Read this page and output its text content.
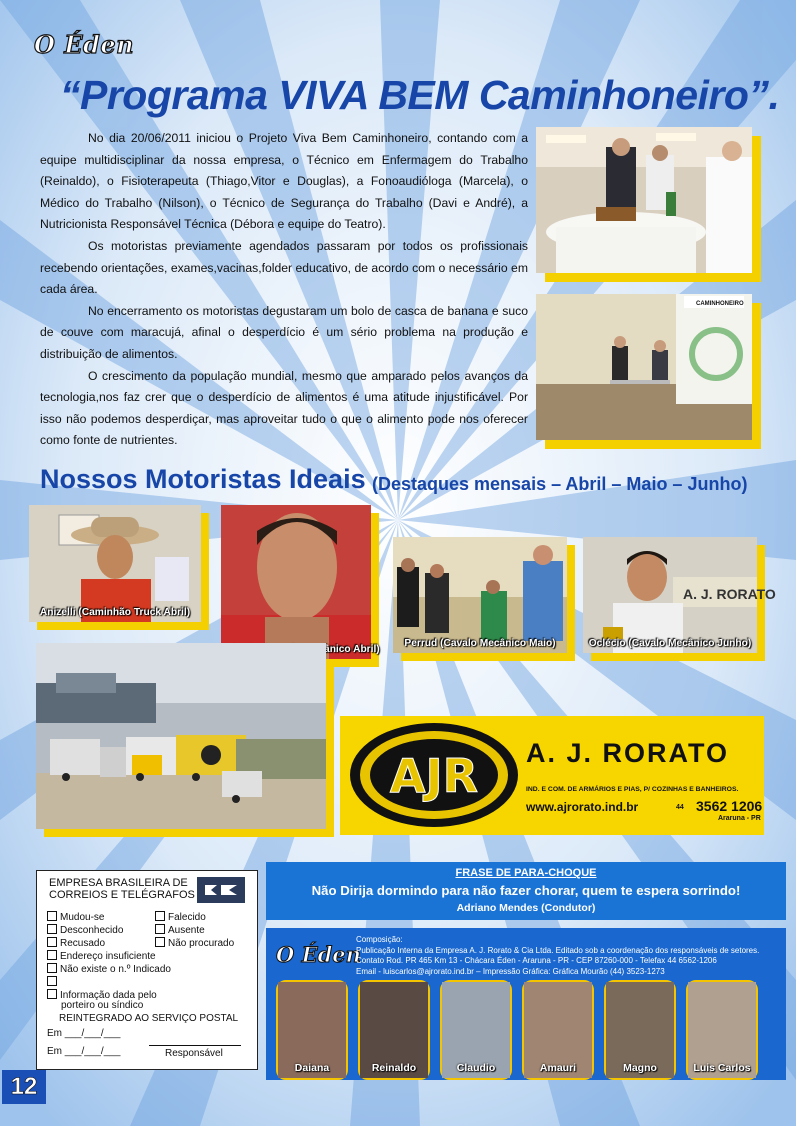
O Éden
“Programa VIVA BEM Caminhoneiro”.

No dia 20/06/2011 iniciou o Projeto Viva Bem Caminhoneiro, contando com a equipe multidisciplinar da nossa empresa, o Técnico em Enfermagem do Trabalho (Reinaldo), o Fisioterapeuta (Thiago,Vitor e Douglas), a Fonoaudióloga (Marcela), o Médico do Trabalho (Nilson), o Técnico de Segurança do Trabalho (Davi e André), a Nutricionista Responsável Técnica (Débora e equipe do Teatro).

Os motoristas previamente agendados passaram por todos os profissionais recebendo orientações, exames,vacinas,folder educativo, de acordo com o necessário em cada área.

No encerramento os motoristas degustaram um bolo de casca de banana e suco de couve com maracujá, afinal o desperdício é um sério problema na produção e distribuição de alimentos.

O crescimento da população mundial, mesmo que amparado pelos avanços da tecnologia,nos faz crer que o desperdício de alimentos é uma atitude injustificável. Por isso não podemos desperdiçar, mas aproveitar tudo o que o alimento pode nos oferecer como fonte de nutrientes.

CAMINHONEIRO
Nossos Motoristas Ideais (Destaques mensais – Abril – Maio – Junho)
Anizelli (Caminhão Truck Abril)
Mecânico Abril)
Perrud (Cavalo Mecânico Maio)
A. J. RORATO
Oclécio (Cavalo Mecânico Junho)
AJR A. J. RORATO
IND. E COM. DE ARMÁRIOS E PIAS, P/ COZINHAS E BANHEIROS.
www.ajrorato.ind.br	44 3562 1206
Araruna - PR
EMPRESA BRASILEIRA DE
CORREIOS E TELÉGRAFOS
Mudou-se
Desconhecido
Recusado
Falecido
Ausente
Não procurado
Endereço insuficiente
Não existe o n.º Indicado
Informação dada pelo
porteiro ou síndico
REINTEGRADO AO SERVIÇO POSTAL
Em ___/___/___
Em ___/___/___	Responsável
FRASE DE PARA-CHOQUE
Não Dirija dormindo para não fazer chorar, quem te espera sorrindo!
Adriano Mendes (Condutor)
O Éden
Composição:
Publicação Interna da Empresa A. J. Rorato & Cia Ltda. Editado sob a coordenação dos responsáveis de setores.
Contato Rod. PR 465 Km 13 - Chácara Éden - Araruna - PR - CEP 87260-000 - Telefax 44 6562-1206
Email - luiscarlos@ajrorato.ind.br – Impressão Gráfica: Gráfica Mourão (44) 3523-1273
Daiana	Reinaldo	Claudio	Amauri	Magno	Luis Carlos
12
